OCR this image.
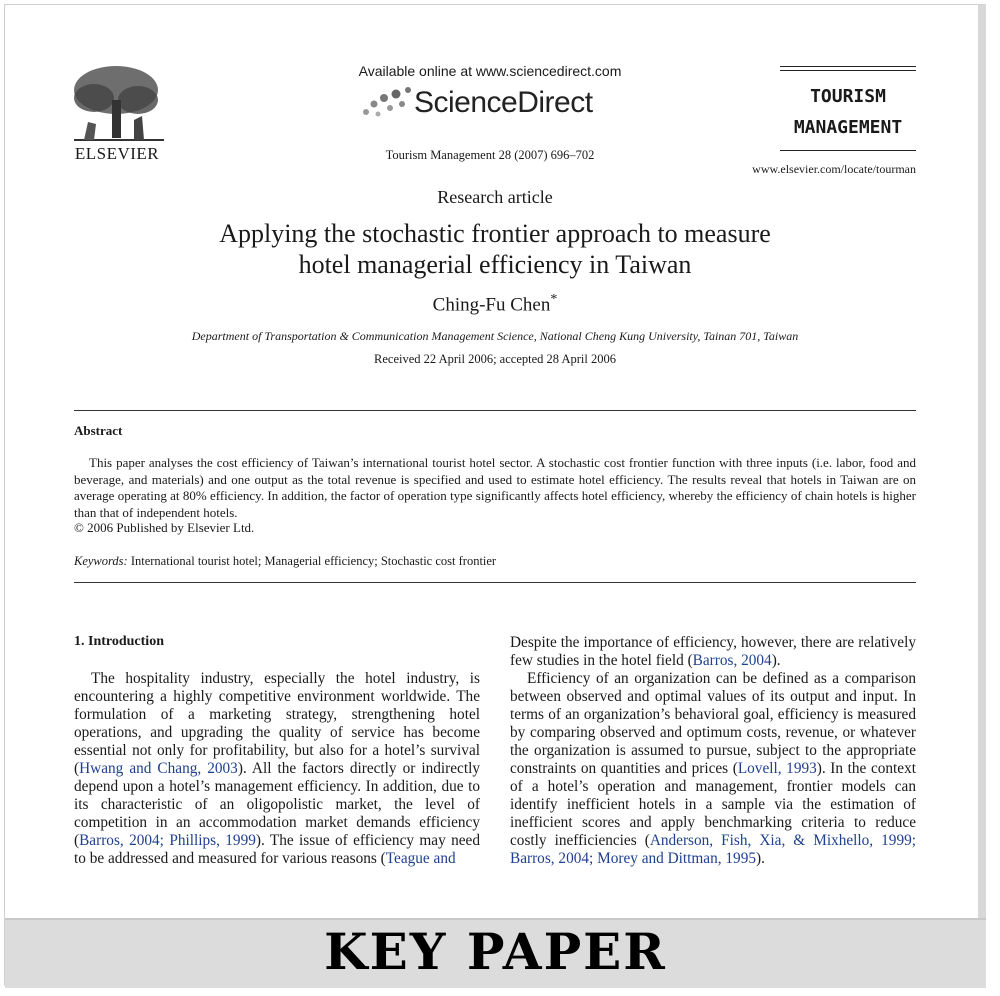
ELSEVIER
Available online at www.sciencedirect.com
ScienceDirect
Tourism Management 28 (2007) 696–702
TOURISM
MANAGEMENT
www.elsevier.com/locate/tourman
Research article
Applying the stochastic frontier approach to measure
hotel managerial efficiency in Taiwan
Ching-Fu Chen*
Department of Transportation & Communication Management Science, National Cheng Kung University, Tainan 701, Taiwan
Received 22 April 2006; accepted 28 April 2006
Abstract
This paper analyses the cost efficiency of Taiwan’s international tourist hotel sector. A stochastic cost frontier function with three inputs (i.e. labor, food and beverage, and materials) and one output as the total revenue is specified and used to estimate hotel efficiency. The results reveal that hotels in Taiwan are on average operating at 80% efficiency. In addition, the factor of operation type significantly affects hotel efficiency, whereby the efficiency of chain hotels is higher than that of independent hotels.
© 2006 Published by Elsevier Ltd.
Keywords: International tourist hotel; Managerial efficiency; Stochastic cost frontier
1. Introduction

The hospitality industry, especially the hotel industry, is encountering a highly competitive environment worldwide. The formulation of a marketing strategy, strengthening hotel operations, and upgrading the quality of service has become essential not only for profitability, but also for a hotel’s survival (Hwang and Chang, 2003). All the factors directly or indirectly depend upon a hotel’s management efficiency. In addition, due to its characteristic of an oligopolistic market, the level of competition in an accommodation market demands efficiency (Barros, 2004; Phillips, 1999). The issue of efficiency may need to be addressed and measured for various reasons (Teague and

Despite the importance of efficiency, however, there are relatively few studies in the hotel field (Barros, 2004).

Efficiency of an organization can be defined as a comparison between observed and optimal values of its output and input. In terms of an organization’s behavioral goal, efficiency is measured by comparing observed and optimum costs, revenue, or whatever the organization is assumed to pursue, subject to the appropriate constraints on quantities and prices (Lovell, 1993). In the context of a hotel’s operation and management, frontier models can identify inefficient hotels in a sample via the estimation of inefficient scores and apply benchmarking criteria to reduce costly inefficiencies (Anderson, Fish, Xia, & Mixhello, 1999; Barros, 2004; Morey and Dittman, 1995).

KEY PAPER
